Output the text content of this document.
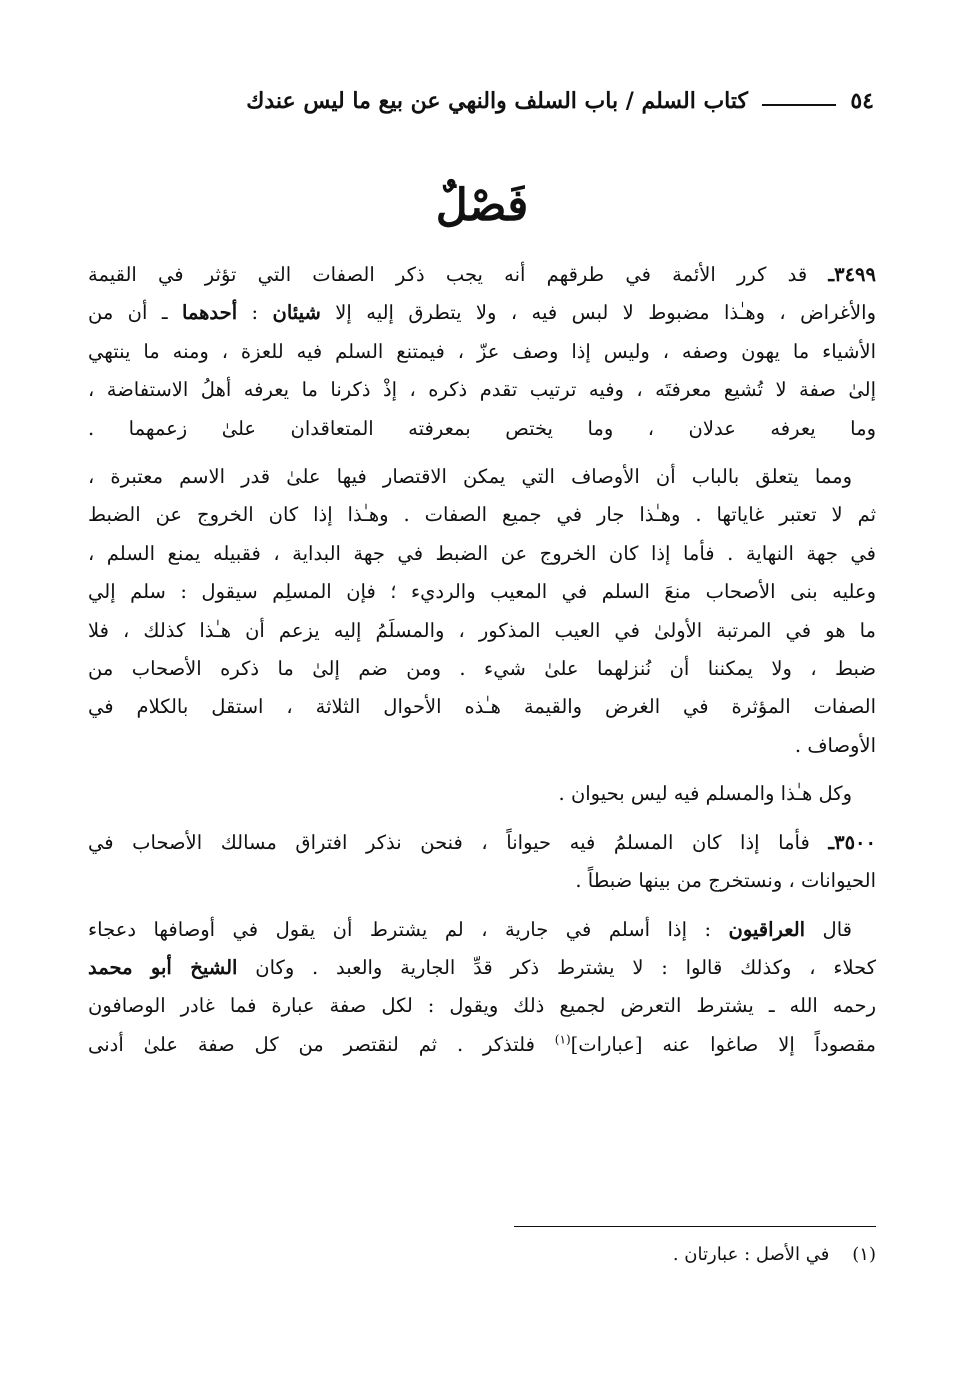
٥٤
كتاب السلم / باب السلف والنهي عن بيع ما ليس عندك
فَصْلٌ

٣٤٩٩ـ قد كرر الأئمة في طرقهم أنه يجب ذكر الصفات التي تؤثر في القيمة
والأغراض ، وهـٰذا مضبوط لا لبس فيه ، ولا يتطرق إليه إلا شيئان : أحدهما ـ أن من
الأشياء ما يهون وصفه ، وليس إذا وصف عزّ ، فيمتنع السلم فيه للعزة ، ومنه ما ينتهي
إلىٰ صفة لا تُشيع معرفتَه ، وفيه ترتيب تقدم ذكره ، إذْ ذكرنا ما يعرفه أهلُ الاستفاضة ،
وما يعرفه عدلان ، وما يختص بمعرفته المتعاقدان علىٰ زعمهما .

ومما يتعلق بالباب أن الأوصاف التي يمكن الاقتصار فيها علىٰ قدر الاسم معتبرة ،
ثم لا تعتبر غاياتها . وهـٰذا جار في جميع الصفات . وهـٰذا إذا كان الخروج عن الضبط
في جهة النهاية . فأما إذا كان الخروج عن الضبط في جهة البداية ، فقبيله يمنع السلم ،
وعليه بنى الأصحاب منعَ السلم في المعيب والرديء ؛ فإن المسلِم سيقول : سلم إلي
ما هو في المرتبة الأولىٰ في العيب المذكور ، والمسلَمُ إليه يزعم أن هـٰذا كذلك ، فلا
ضبط ، ولا يمكننا أن نُنزلهما علىٰ شيء . ومن ضم إلىٰ ما ذكره الأصحاب من
الصفات المؤثرة في الغرض والقيمة هـٰذه الأحوال الثلاثة ، استقل بالكلام في
الأوصاف .

وكل هـٰذا والمسلم فيه ليس بحيوان .

٣٥٠٠ـ فأما إذا كان المسلمُ فيه حيواناً ، فنحن نذكر افتراق مسالك الأصحاب في
الحيوانات ، ونستخرج من بينها ضبطاً .

قال العراقيون : إذا أسلم في جارية ، لم يشترط أن يقول في أوصافها دعجاء
كحلاء ، وكذلك قالوا : لا يشترط ذكر قدِّ الجارية والعبد . وكان الشيخ أبو محمد
رحمه الله ـ يشترط التعرض لجميع ذلك ويقول : لكل صفة عبارة فما غادر الوصافون
مقصوداً إلا صاغوا عنه [عبارات]$^{(١)}$ فلتذكر . ثم لنقتصر من كل صفة علىٰ أدنى

(١)    في الأصل : عبارتان .
